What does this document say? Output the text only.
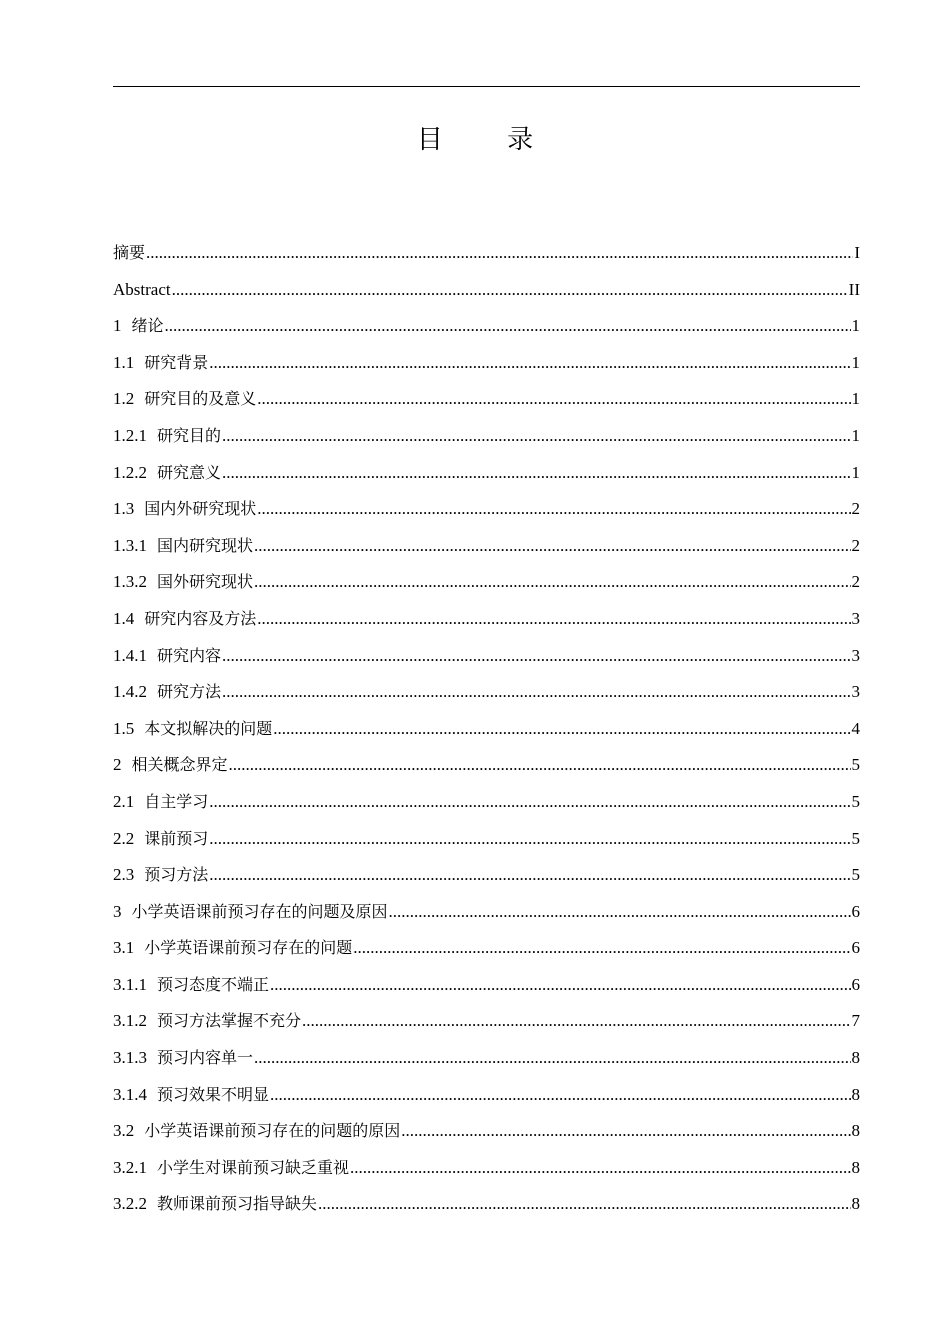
目 录
摘要 .....	I
Abstract .....	II
1 绪论 .....	1
1.1 研究背景 .....	1
1.2 研究目的及意义 .....	1
1.2.1 研究目的 .....	1
1.2.2 研究意义 .....	1
1.3 国内外研究现状 .....	2
1.3.1 国内研究现状 .....	2
1.3.2 国外研究现状 .....	2
1.4 研究内容及方法 .....	3
1.4.1 研究内容 .....	3
1.4.2 研究方法 .....	3
1.5 本文拟解决的问题 .....	4
2 相关概念界定 .....	5
2.1 自主学习 .....	5
2.2 课前预习 .....	5
2.3 预习方法 .....	5
3 小学英语课前预习存在的问题及原因 .....	6
3.1 小学英语课前预习存在的问题 .....	6
3.1.1 预习态度不端正 .....	6
3.1.2 预习方法掌握不充分 .....	7
3.1.3 预习内容单一 .....	8
3.1.4 预习效果不明显 .....	8
3.2 小学英语课前预习存在的问题的原因 .....	8
3.2.1 小学生对课前预习缺乏重视 .....	8
3.2.2 教师课前预习指导缺失 .....	8
